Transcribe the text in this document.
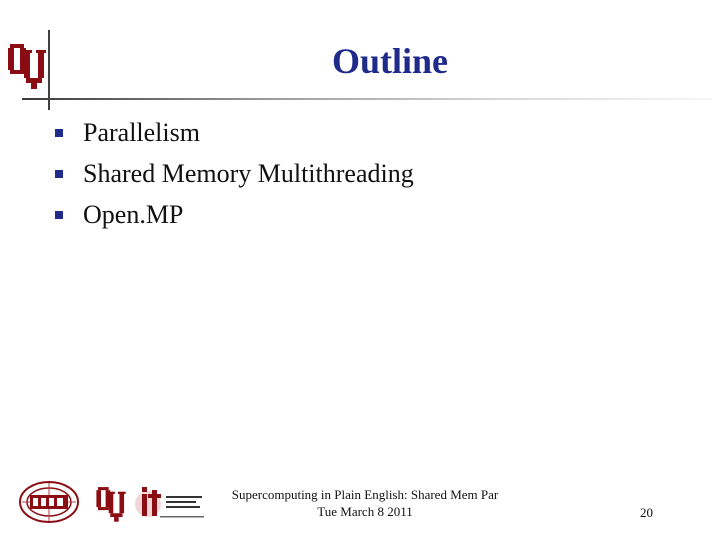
Outline
Parallelism
Shared Memory Multithreading
Open.MP
Supercomputing in Plain English: Shared Mem Par
Tue March 8 2011	20
